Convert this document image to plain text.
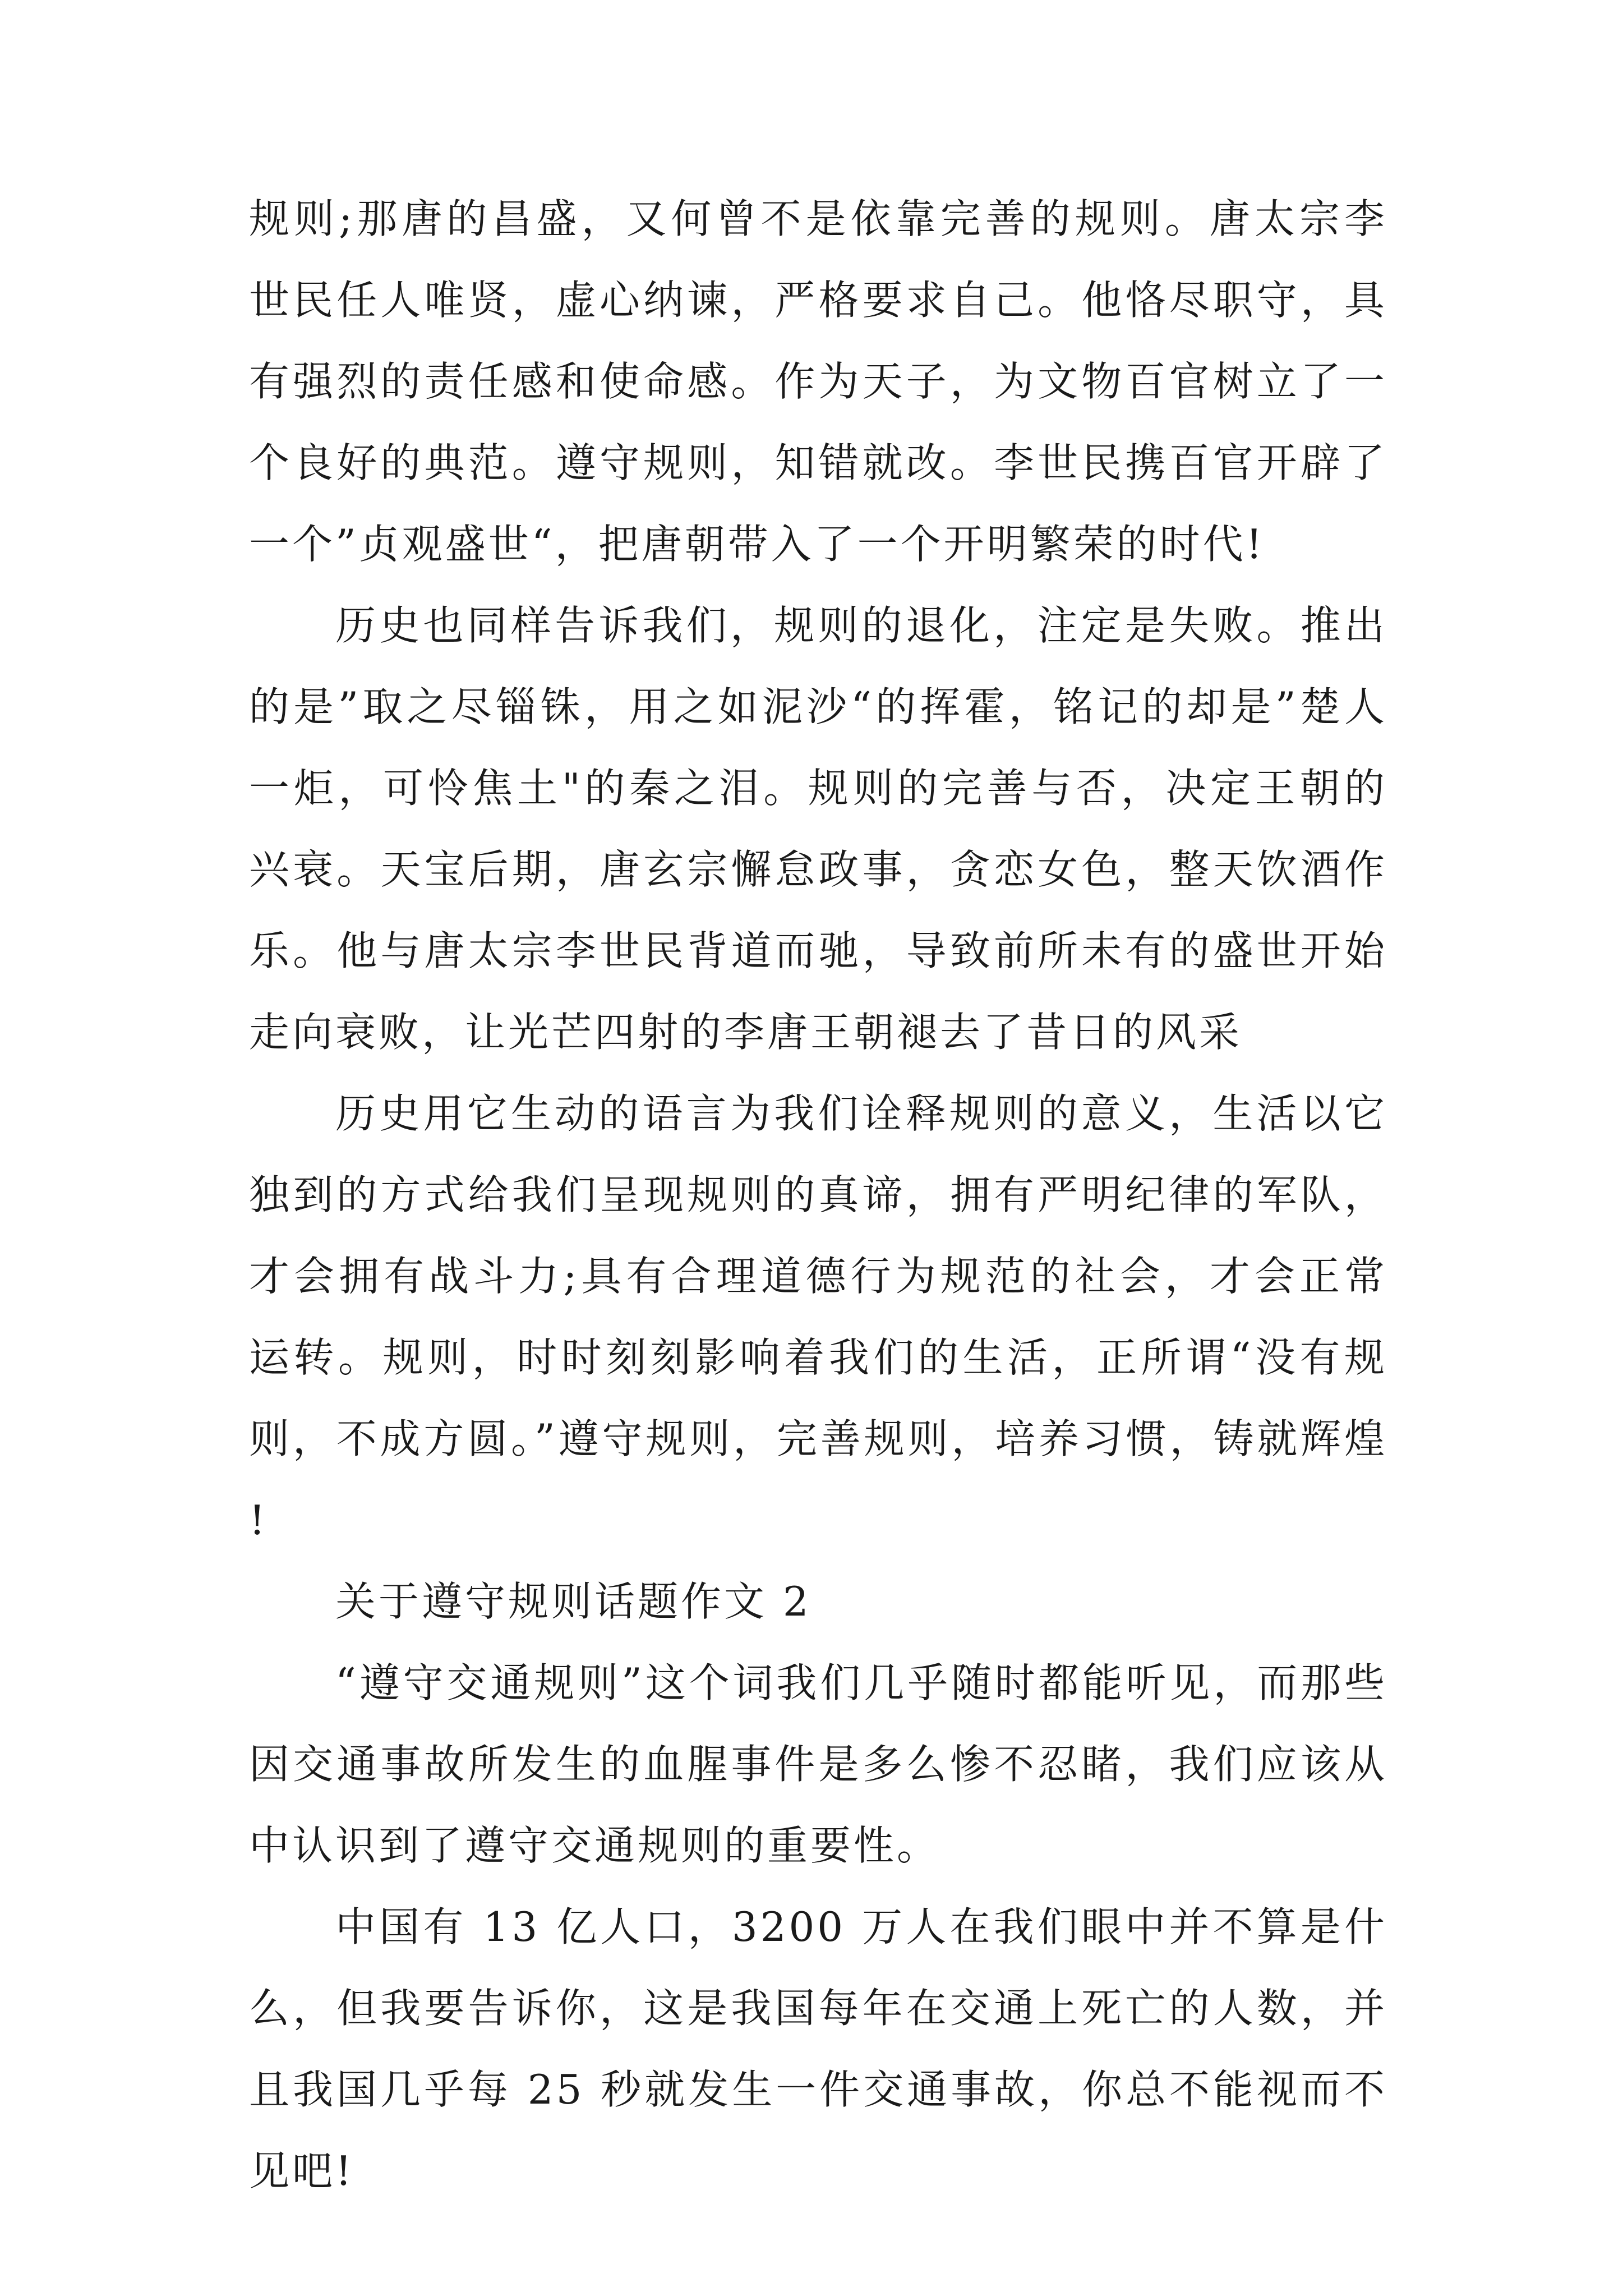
规则;那唐的昌盛，又何曾不是依靠完善的规则。唐太宗李世民任人唯贤，虚心纳谏，严格要求自己。他恪尽职守，具有强烈的责任感和使命感。作为天子，为文物百官树立了一个良好的典范。遵守规则，知错就改。李世民携百官开辟了一个”贞观盛世“，把唐朝带入了一个开明繁荣的时代!

历史也同样告诉我们，规则的退化，注定是失败。推出的是”取之尽锱铢，用之如泥沙“的挥霍，铭记的却是”楚人一炬，可怜焦土"的秦之泪。规则的完善与否，决定王朝的兴衰。天宝后期，唐玄宗懈怠政事，贪恋女色，整天饮酒作乐。他与唐太宗李世民背道而驰，导致前所未有的盛世开始走向衰败，让光芒四射的李唐王朝褪去了昔日的风采

历史用它生动的语言为我们诠释规则的意义，生活以它独到的方式给我们呈现规则的真谛，拥有严明纪律的军队，才会拥有战斗力;具有合理道德行为规范的社会，才会正常运转。规则，时时刻刻影响着我们的生活，正所谓“没有规则，不成方圆。”遵守规则，完善规则，培养习惯，铸就辉煌!

关于遵守规则话题作文 2

“遵守交通规则”这个词我们几乎随时都能听见，而那些因交通事故所发生的血腥事件是多么惨不忍睹，我们应该从中认识到了遵守交通规则的重要性。

中国有 13 亿人口，3200 万人在我们眼中并不算是什么，但我要告诉你，这是我国每年在交通上死亡的人数，并且我国几乎每 25 秒就发生一件交通事故，你总不能视而不见吧!
